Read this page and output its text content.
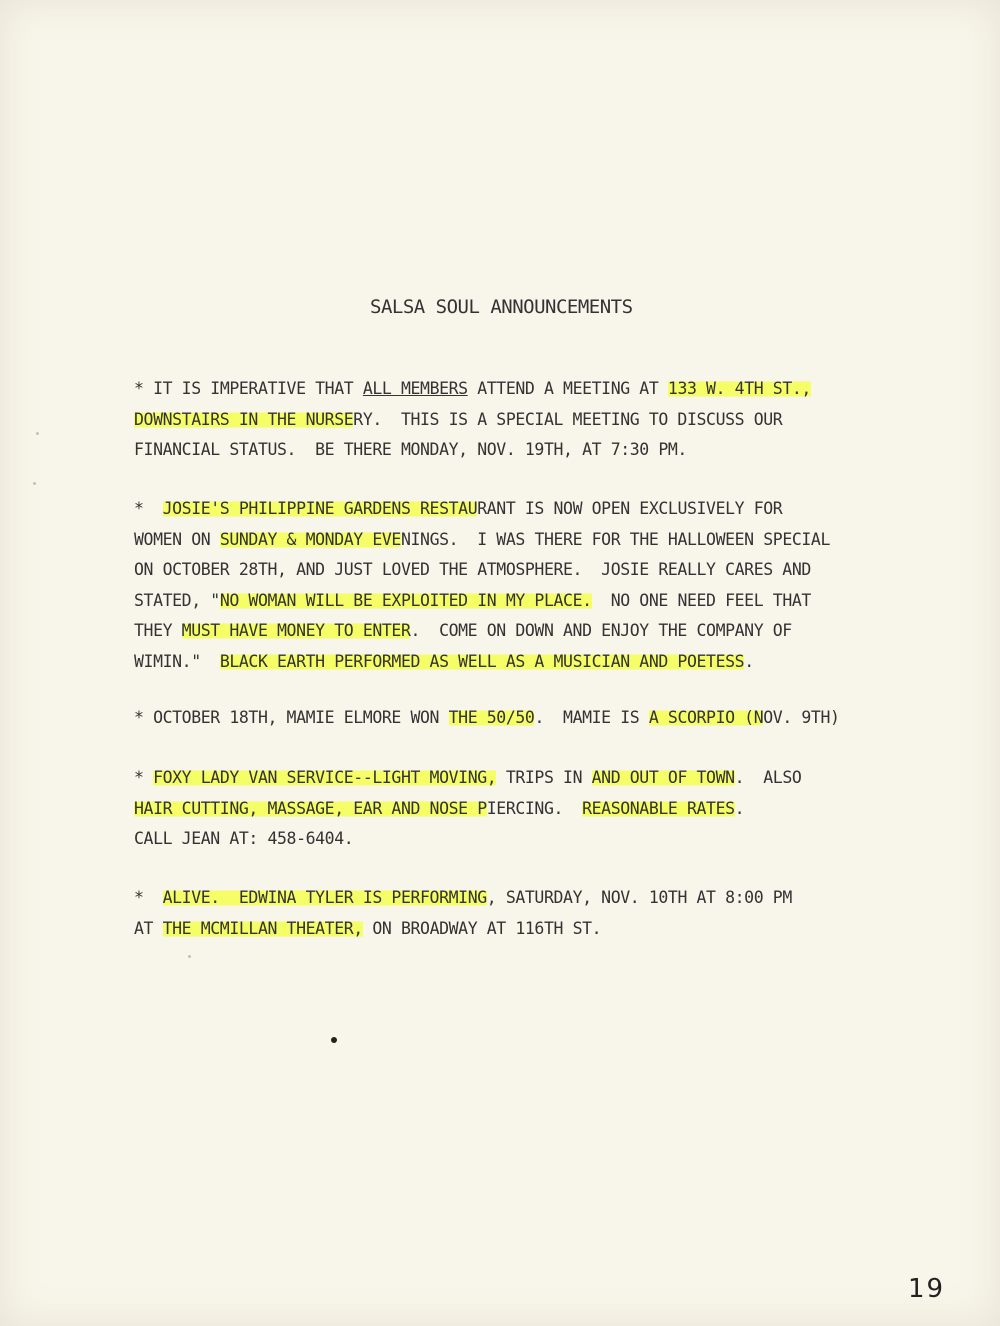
SALSA SOUL ANNOUNCEMENTS
* IT IS IMPERATIVE THAT ALL MEMBERS ATTEND A MEETING AT 133 W. 4TH ST.,
DOWNSTAIRS IN THE NURSERY.  THIS IS A SPECIAL MEETING TO DISCUSS OUR
FINANCIAL STATUS.  BE THERE MONDAY, NOV. 19TH, AT 7:30 PM.
*  JOSIE'S PHILIPPINE GARDENS RESTAURANT IS NOW OPEN EXCLUSIVELY FOR
WOMEN ON SUNDAY & MONDAY EVENINGS.  I WAS THERE FOR THE HALLOWEEN SPECIAL
ON OCTOBER 28TH, AND JUST LOVED THE ATMOSPHERE.  JOSIE REALLY CARES AND
STATED, "NO WOMAN WILL BE EXPLOITED IN MY PLACE.  NO ONE NEED FEEL THAT
THEY MUST HAVE MONEY TO ENTER.  COME ON DOWN AND ENJOY THE COMPANY OF
WIMIN."  BLACK EARTH PERFORMED AS WELL AS A MUSICIAN AND POETESS.
* OCTOBER 18TH, MAMIE ELMORE WON THE 50/50.  MAMIE IS A SCORPIO (NOV. 9TH)
* FOXY LADY VAN SERVICE--LIGHT MOVING, TRIPS IN AND OUT OF TOWN.  ALSO
HAIR CUTTING, MASSAGE, EAR AND NOSE PIERCING.  REASONABLE RATES.
CALL JEAN AT: 458-6404.
*  ALIVE.  EDWINA TYLER IS PERFORMING, SATURDAY, NOV. 10TH AT 8:00 PM
AT THE MCMILLAN THEATER, ON BROADWAY AT 116TH ST.
19
